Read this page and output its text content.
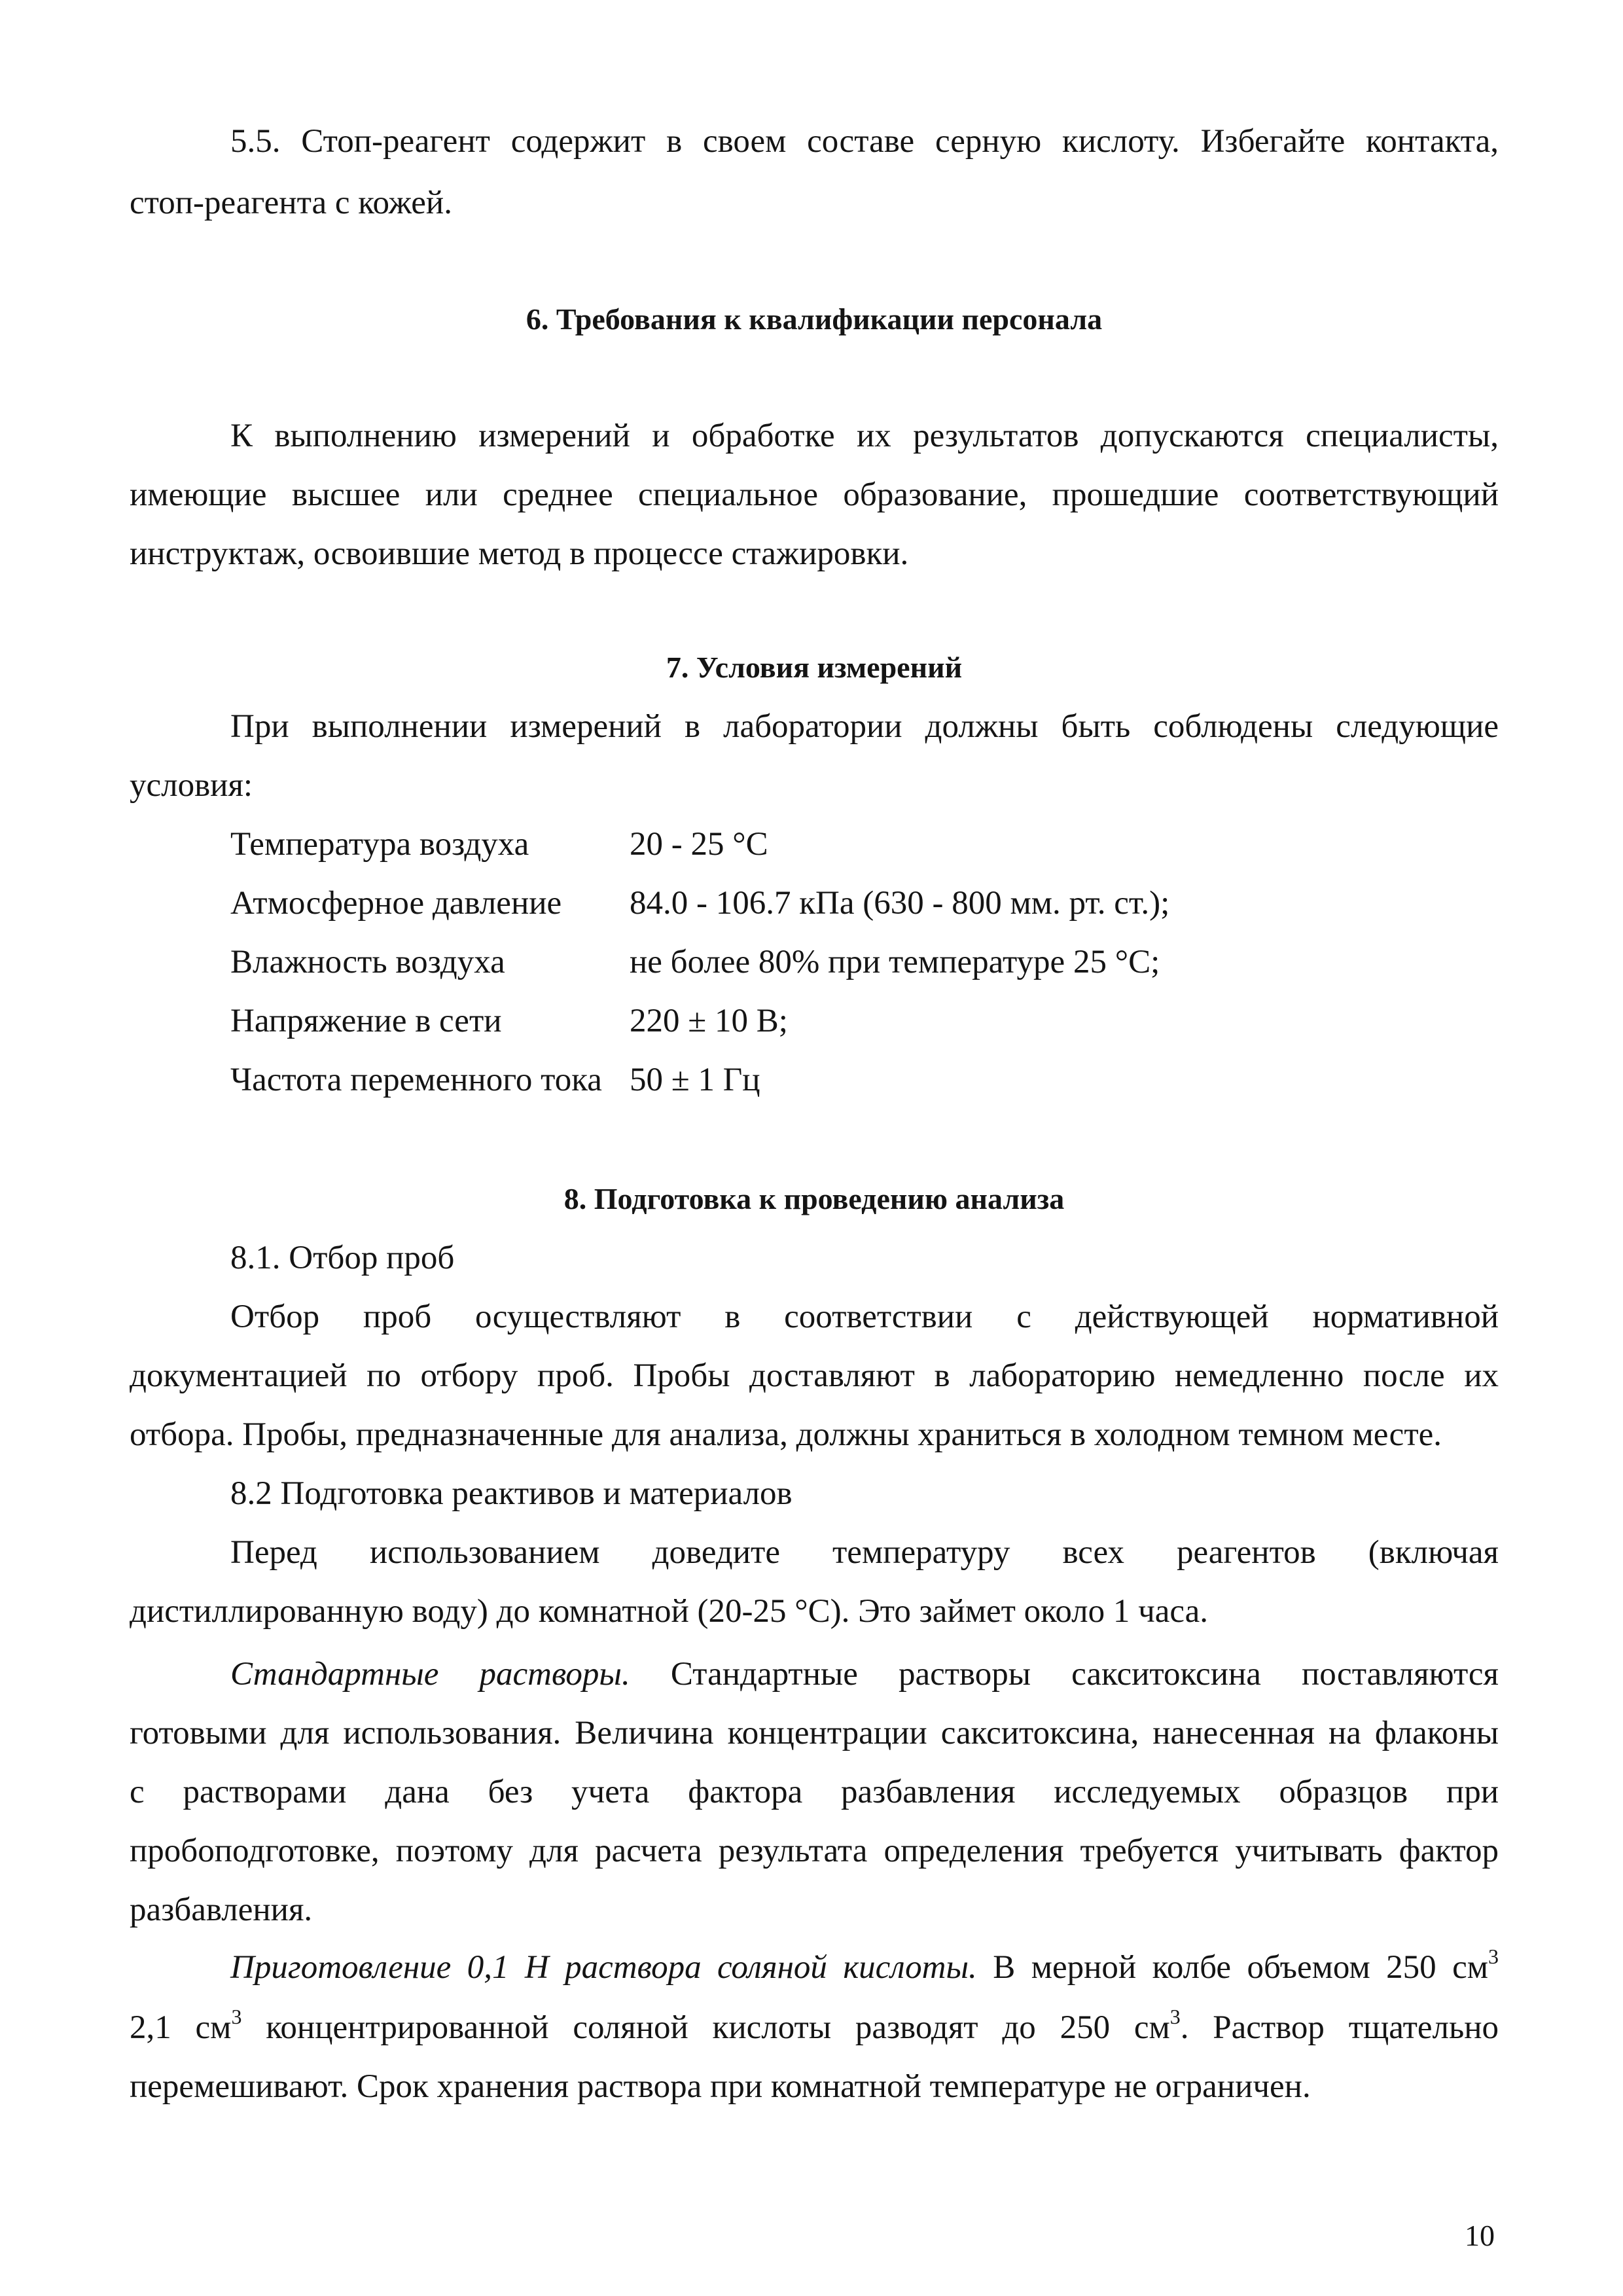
5.5. Стоп-реагент содержит в своем составе серную кислоту. Избегайте контакта,
стоп-реагента с кожей.
6. Требования к квалификации персонала
К выполнению измерений и обработке их результатов допускаются специалисты,
имеющие высшее или среднее специальное образование, прошедшие соответствующий
инструктаж, освоившие метод в процессе стажировки.
7. Условия измерений
При выполнении измерений в лаборатории должны быть соблюдены следующие
условия:
Температура воздуха	20 - 25 °С
Атмосферное давление 84.0 - 106.7 кПа (630 - 800 мм. рт. ст.);
Влажность воздуха	не более 80% при температуре 25 °С;
Напряжение в сети	220 ± 10 В;
Частота переменного тока 50 ± 1 Гц
8. Подготовка к проведению анализа
8.1. Отбор проб
Отбор проб осуществляют в соответствии с действующей нормативной
документацией по отбору проб. Пробы доставляют в лабораторию немедленно после их
отбора. Пробы, предназначенные для анализа, должны храниться в холодном темном месте.
8.2 Подготовка реактивов и материалов
Перед использованием доведите температуру всех реагентов (включая
дистиллированную воду) до комнатной (20-25 °С). Это займет около 1 часа.
Стандартные растворы. Стандартные растворы сакситоксина поставляются
готовыми для использования. Величина концентрации сакситоксина, нанесенная на флаконы
с растворами дана без учета фактора разбавления исследуемых образцов при
пробоподготовке, поэтому для расчета результата определения требуется учитывать фактор
разбавления.
Приготовление 0,1 Н раствора соляной кислоты. В мерной колбе объемом 250 $см^3$
2,1 $см^3$ концентрированной соляной кислоты разводят до 250 $см^3$. Раствор тщательно
перемешивают. Срок хранения раствора при комнатной температуре не ограничен.
10
